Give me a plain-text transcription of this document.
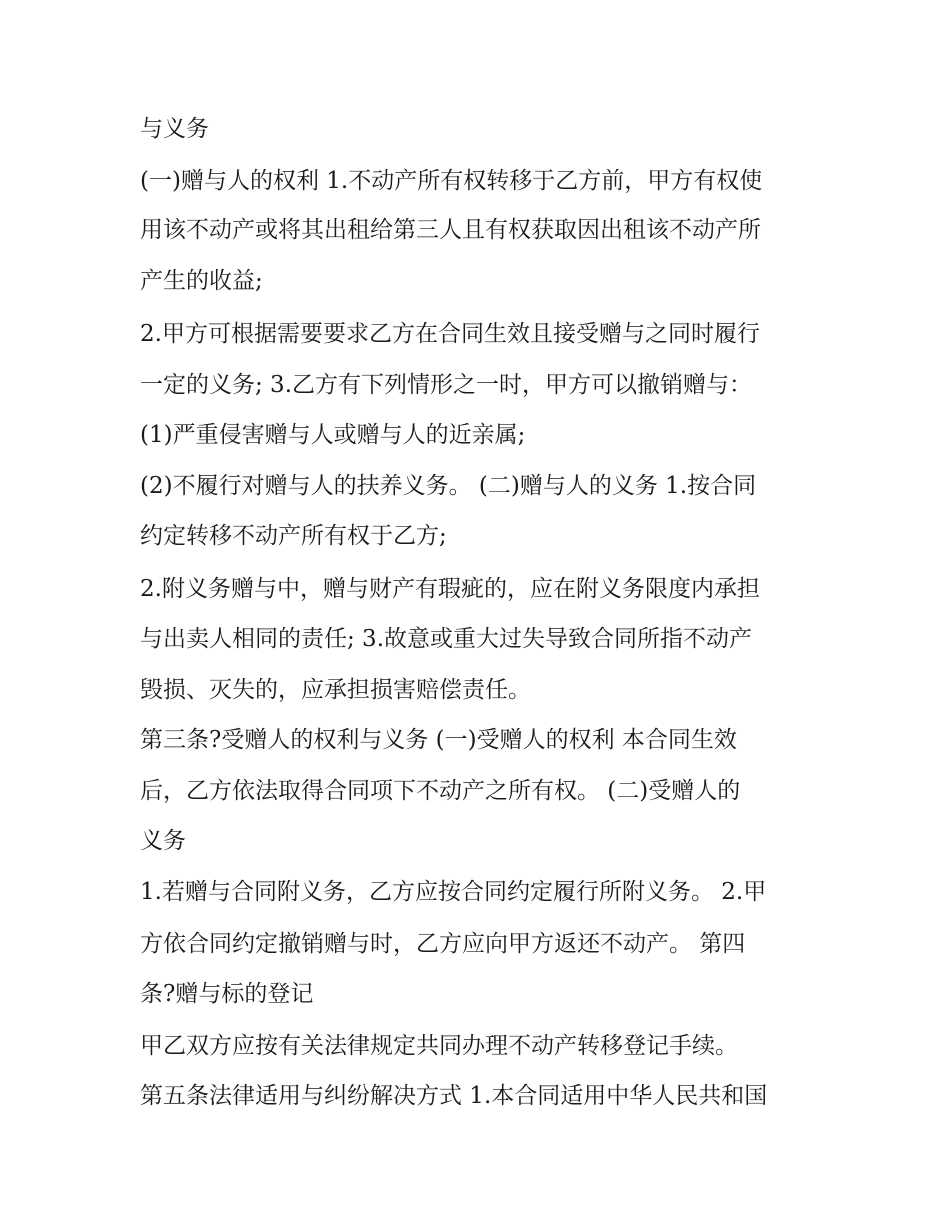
与义务
(一)赠与人的权利 1.不动产所有权转移于乙方前，甲方有权使
用该不动产或将其出租给第三人且有权获取因出租该不动产所
产生的收益;
2.甲方可根据需要要求乙方在合同生效且接受赠与之同时履行
一定的义务; 3.乙方有下列情形之一时，甲方可以撤销赠与：
(1)严重侵害赠与人或赠与人的近亲属;
(2)不履行对赠与人的扶养义务。 (二)赠与人的义务 1.按合同
约定转移不动产所有权于乙方;
2.附义务赠与中，赠与财产有瑕疵的，应在附义务限度内承担
与出卖人相同的责任; 3.故意或重大过失导致合同所指不动产
毁损、灭失的，应承担损害赔偿责任。
第三条?受赠人的权利与义务 (一)受赠人的权利 本合同生效
后，乙方依法取得合同项下不动产之所有权。 (二)受赠人的
义务
1.若赠与合同附义务，乙方应按合同约定履行所附义务。 2.甲
方依合同约定撤销赠与时，乙方应向甲方返还不动产。 第四
条?赠与标的登记
甲乙双方应按有关法律规定共同办理不动产转移登记手续。
第五条法律适用与纠纷解决方式 1.本合同适用中华人民共和国
